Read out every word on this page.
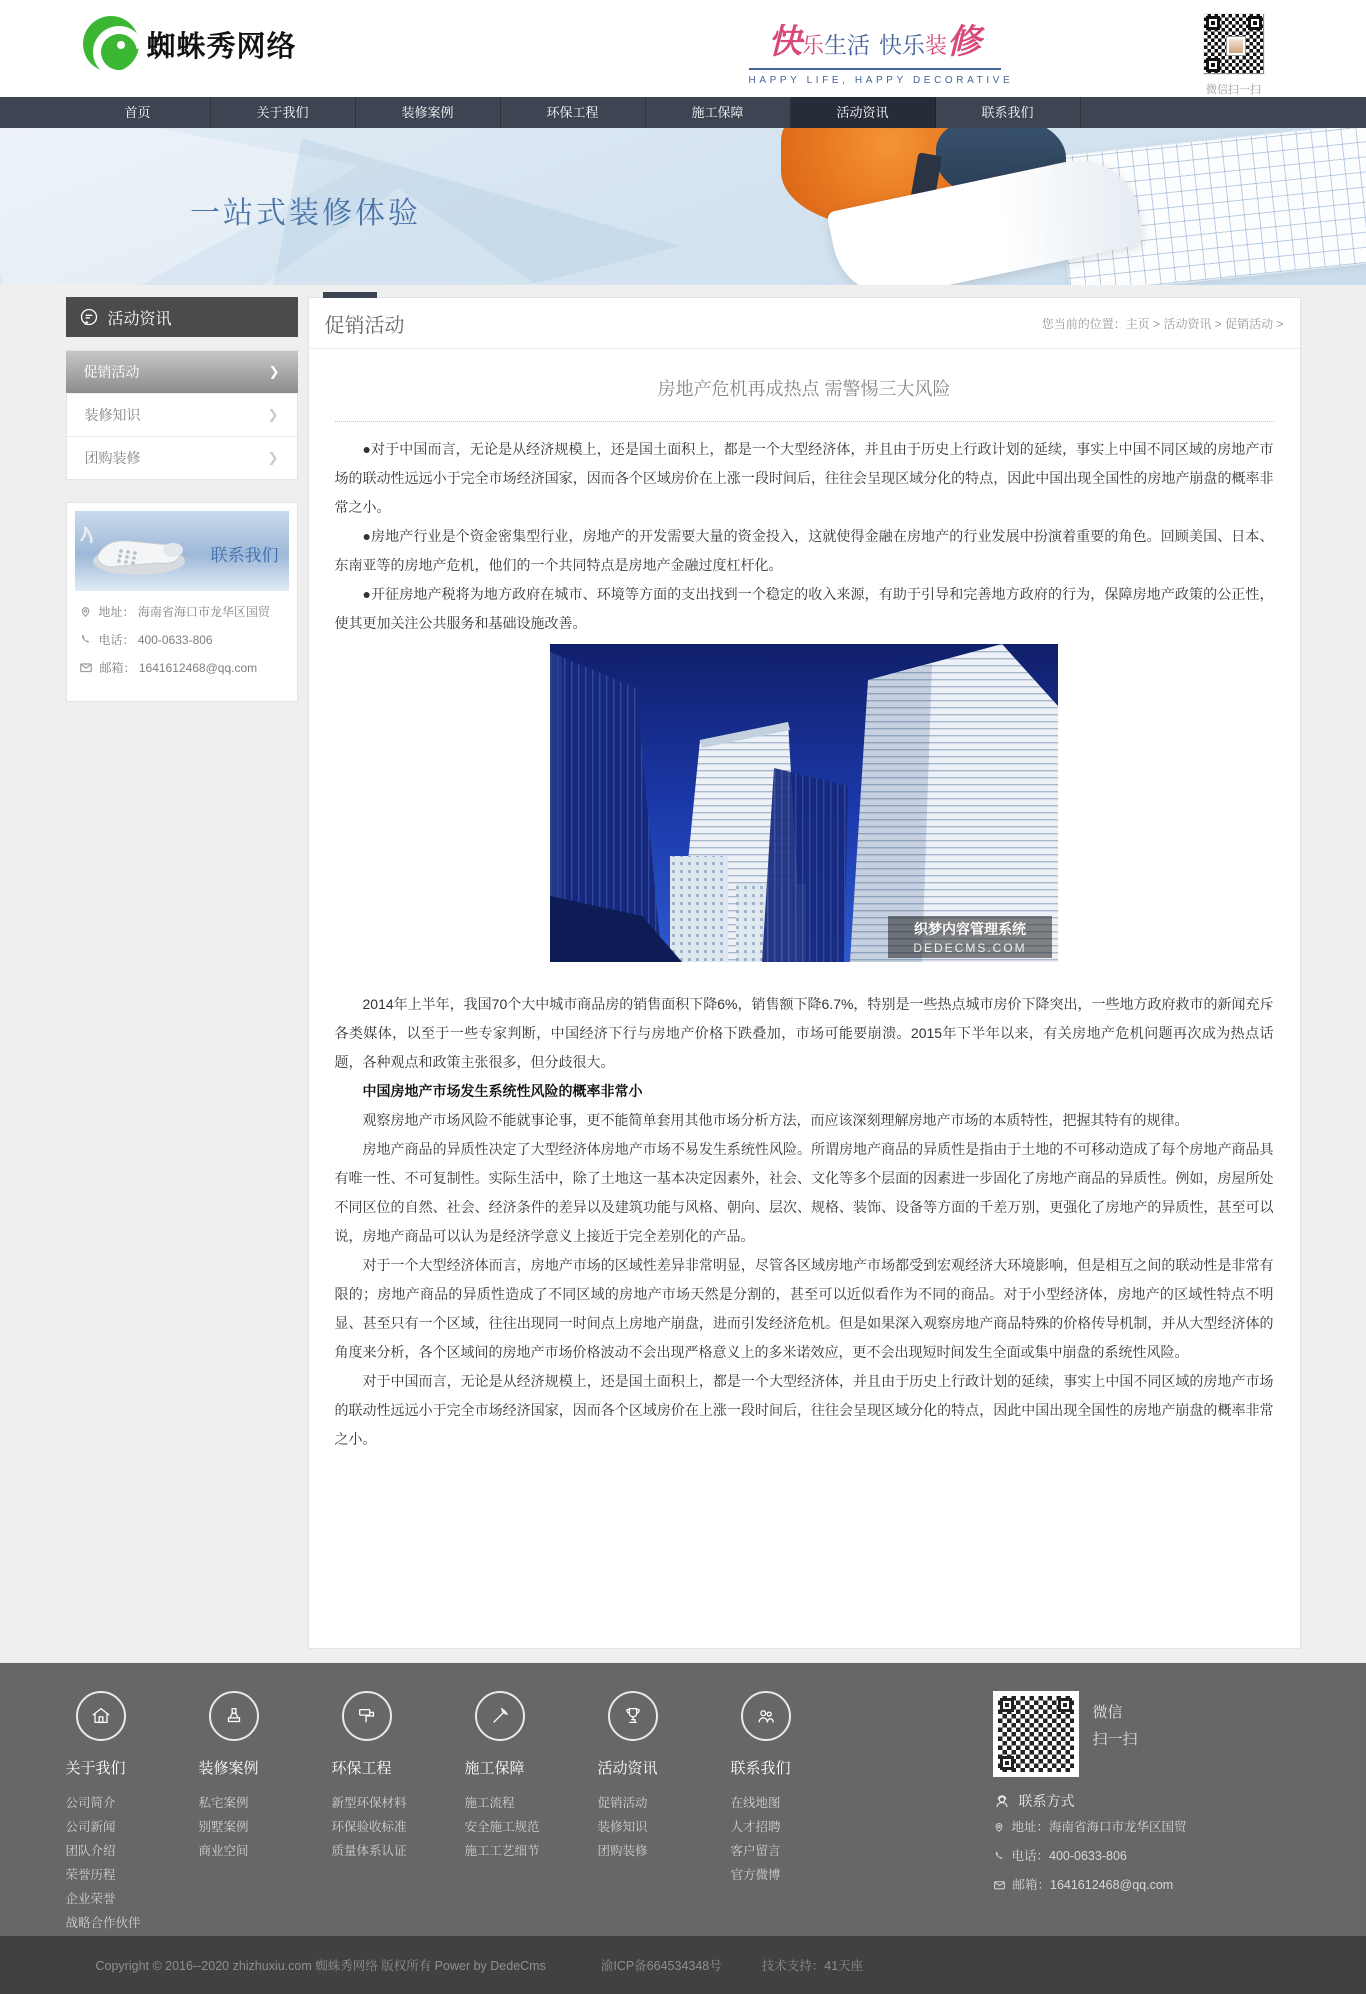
蜘蛛秀网络	快 乐 生活 快乐 装 修
HAPPY LIFE, HAPPY DECORATIVE
微信扫一扫
首页	关于我们	装修案例	环保工程	施工保障	活动资讯	联系我们
一站式装修体验
活动资讯
促销活动	❯
装修知识	❯
团购装修	❯
联系我们
地址： 海南省海口市龙华区国贸
电话： 400-0633-806
邮箱： 1641612468@qq.com
促销活动	您当前的位置：主页 > 活动资讯 > 促销活动 >
房地产危机再成热点 需警惕三大风险

●对于中国而言，无论是从经济规模上，还是国土面积上，都是一个大型经济体，并且由于历史上行政计划的延续，事实上中国不同区域的房地产市场的联动性远远小于完全市场经济国家，因而各个区域房价在上涨一段时间后，往往会呈现区域分化的特点，因此中国出现全国性的房地产崩盘的概率非常之小。

●房地产行业是个资金密集型行业，房地产的开发需要大量的资金投入，这就使得金融在房地产的行业发展中扮演着重要的角色。回顾美国、日本、东南亚等的房地产危机，他们的一个共同特点是房地产金融过度杠杆化。

●开征房地产税将为地方政府在城市、环境等方面的支出找到一个稳定的收入来源，有助于引导和完善地方政府的行为，保障房地产政策的公正性，使其更加关注公共服务和基础设施改善。

织梦内容管理系统
DEDECMS.COM

2014年上半年，我国70个大中城市商品房的销售面积下降6%，销售额下降6.7%，特别是一些热点城市房价下降突出，一些地方政府救市的新闻充斥各类媒体，以至于一些专家判断，中国经济下行与房地产价格下跌叠加，市场可能要崩溃。2015年下半年以来，有关房地产危机问题再次成为热点话题，各种观点和政策主张很多，但分歧很大。

中国房地产市场发生系统性风险的概率非常小

观察房地产市场风险不能就事论事，更不能简单套用其他市场分析方法，而应该深刻理解房地产市场的本质特性，把握其特有的规律。

房地产商品的异质性决定了大型经济体房地产市场不易发生系统性风险。所谓房地产商品的异质性是指由于土地的不可移动造成了每个房地产商品具有唯一性、不可复制性。实际生活中，除了土地这一基本决定因素外，社会、文化等多个层面的因素进一步固化了房地产商品的异质性。例如，房屋所处不同区位的自然、社会、经济条件的差异以及建筑功能与风格、朝向、层次、规格、装饰、设备等方面的千差万别，更强化了房地产的异质性，甚至可以说，房地产商品可以认为是经济学意义上接近于完全差别化的产品。

对于一个大型经济体而言，房地产市场的区域性差异非常明显，尽管各区域房地产市场都受到宏观经济大环境影响，但是相互之间的联动性是非常有限的；房地产商品的异质性造成了不同区域的房地产市场天然是分割的，甚至可以近似看作为不同的商品。对于小型经济体，房地产的区域性特点不明显、甚至只有一个区域，往往出现同一时间点上房地产崩盘，进而引发经济危机。但是如果深入观察房地产商品特殊的价格传导机制，并从大型经济体的角度来分析，各个区域间的房地产市场价格波动不会出现严格意义上的多米诺效应，更不会出现短时间发生全面或集中崩盘的系统性风险。

对于中国而言，无论是从经济规模上，还是国土面积上，都是一个大型经济体，并且由于历史上行政计划的延续，事实上中国不同区域的房地产市场的联动性远远小于完全市场经济国家，因而各个区域房价在上涨一段时间后，往往会呈现区域分化的特点，因此中国出现全国性的房地产崩盘的概率非常之小。

关于我们
公司简介
公司新闻
团队介绍
荣誉历程
企业荣誉
战略合作伙伴
装修案例
私宅案例
别墅案例
商业空间
环保工程
新型环保材料
环保验收标准
质量体系认证
施工保障
施工流程
安全施工规范
施工工艺细节
活动资讯
促销活动
装修知识
团购装修
联系我们
在线地图
人才招聘
客户留言
官方微博
微信
扫一扫
联系方式
地址：海南省海口市龙华区国贸
电话：400-0633-806
邮箱：1641612468@qq.com
Copyright © 2016--2020 zhizhuxiu.com 蜘蛛秀网络 版权所有 Power by DedeCms	渝ICP备664534348号	技术支持：41天座
